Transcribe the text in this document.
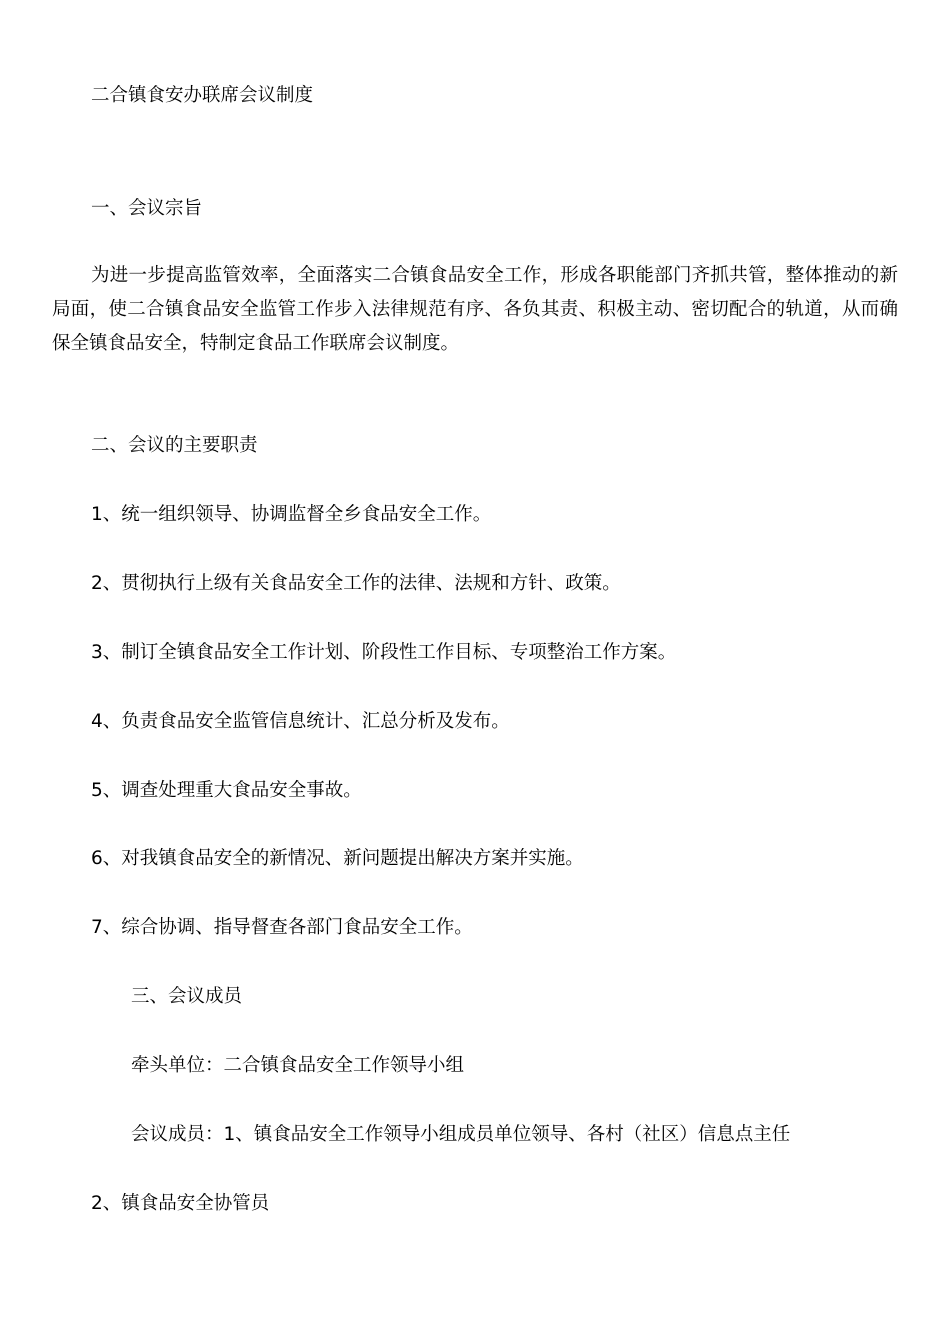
二合镇食安办联席会议制度
一、会议宗旨
为进一步提高监管效率，全面落实二合镇食品安全工作，形成各职能部门齐抓共管，整体推动的新局面，使二合镇食品安全监管工作步入法律规范有序、各负其责、积极主动、密切配合的轨道，从而确保全镇食品安全，特制定食品工作联席会议制度。
二、会议的主要职责
1、统一组织领导、协调监督全乡食品安全工作。
2、贯彻执行上级有关食品安全工作的法律、法规和方针、政策。
3、制订全镇食品安全工作计划、阶段性工作目标、专项整治工作方案。
4、负责食品安全监管信息统计、汇总分析及发布。
5、调查处理重大食品安全事故。
6、对我镇食品安全的新情况、新问题提出解决方案并实施。
7、综合协调、指导督查各部门食品安全工作。
三、会议成员
牵头单位：二合镇食品安全工作领导小组
会议成员：1、镇食品安全工作领导小组成员单位领导、各村（社区）信息点主任
2、镇食品安全协管员
